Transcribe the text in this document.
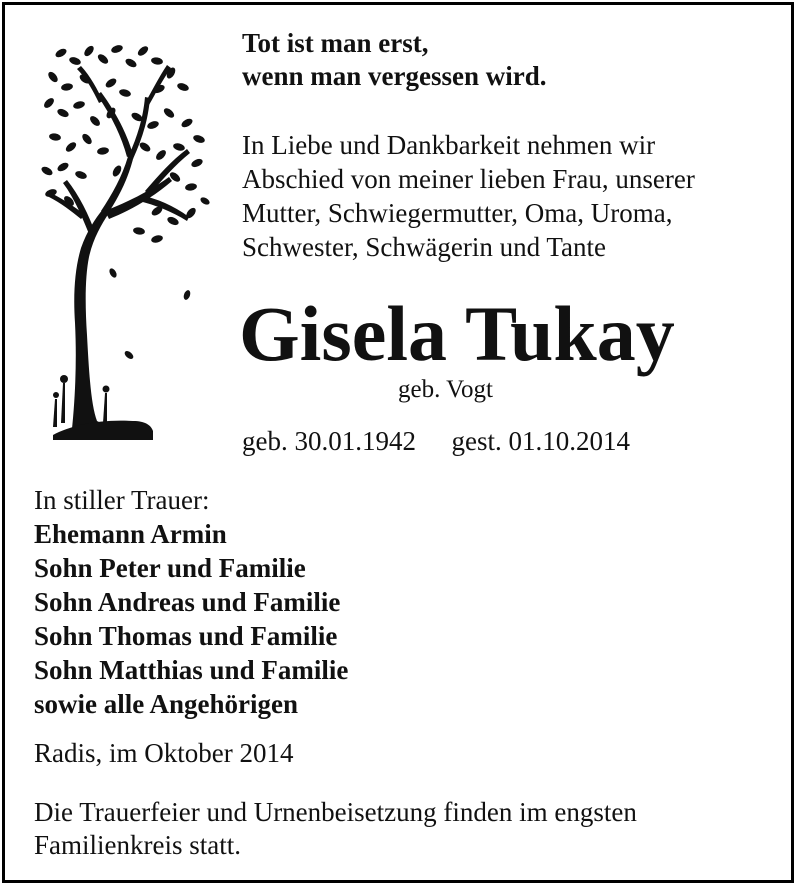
Tot ist man erst,
wenn man vergessen wird.
In Liebe und Dankbarkeit nehmen wir
Abschied von meiner lieben Frau, unserer
Mutter, Schwiegermutter, Oma, Uroma,
Schwester, Schwägerin und Tante
Gisela Tukay
geb. Vogt
geb. 30.01.1942 gest. 01.10.2014
In stiller Trauer:
Ehemann Armin
Sohn Peter und Familie
Sohn Andreas und Familie
Sohn Thomas und Familie
Sohn Matthias und Familie
sowie alle Angehörigen
Radis, im Oktober 2014
Die Trauerfeier und Urnenbeisetzung finden im engsten
Familienkreis statt.
